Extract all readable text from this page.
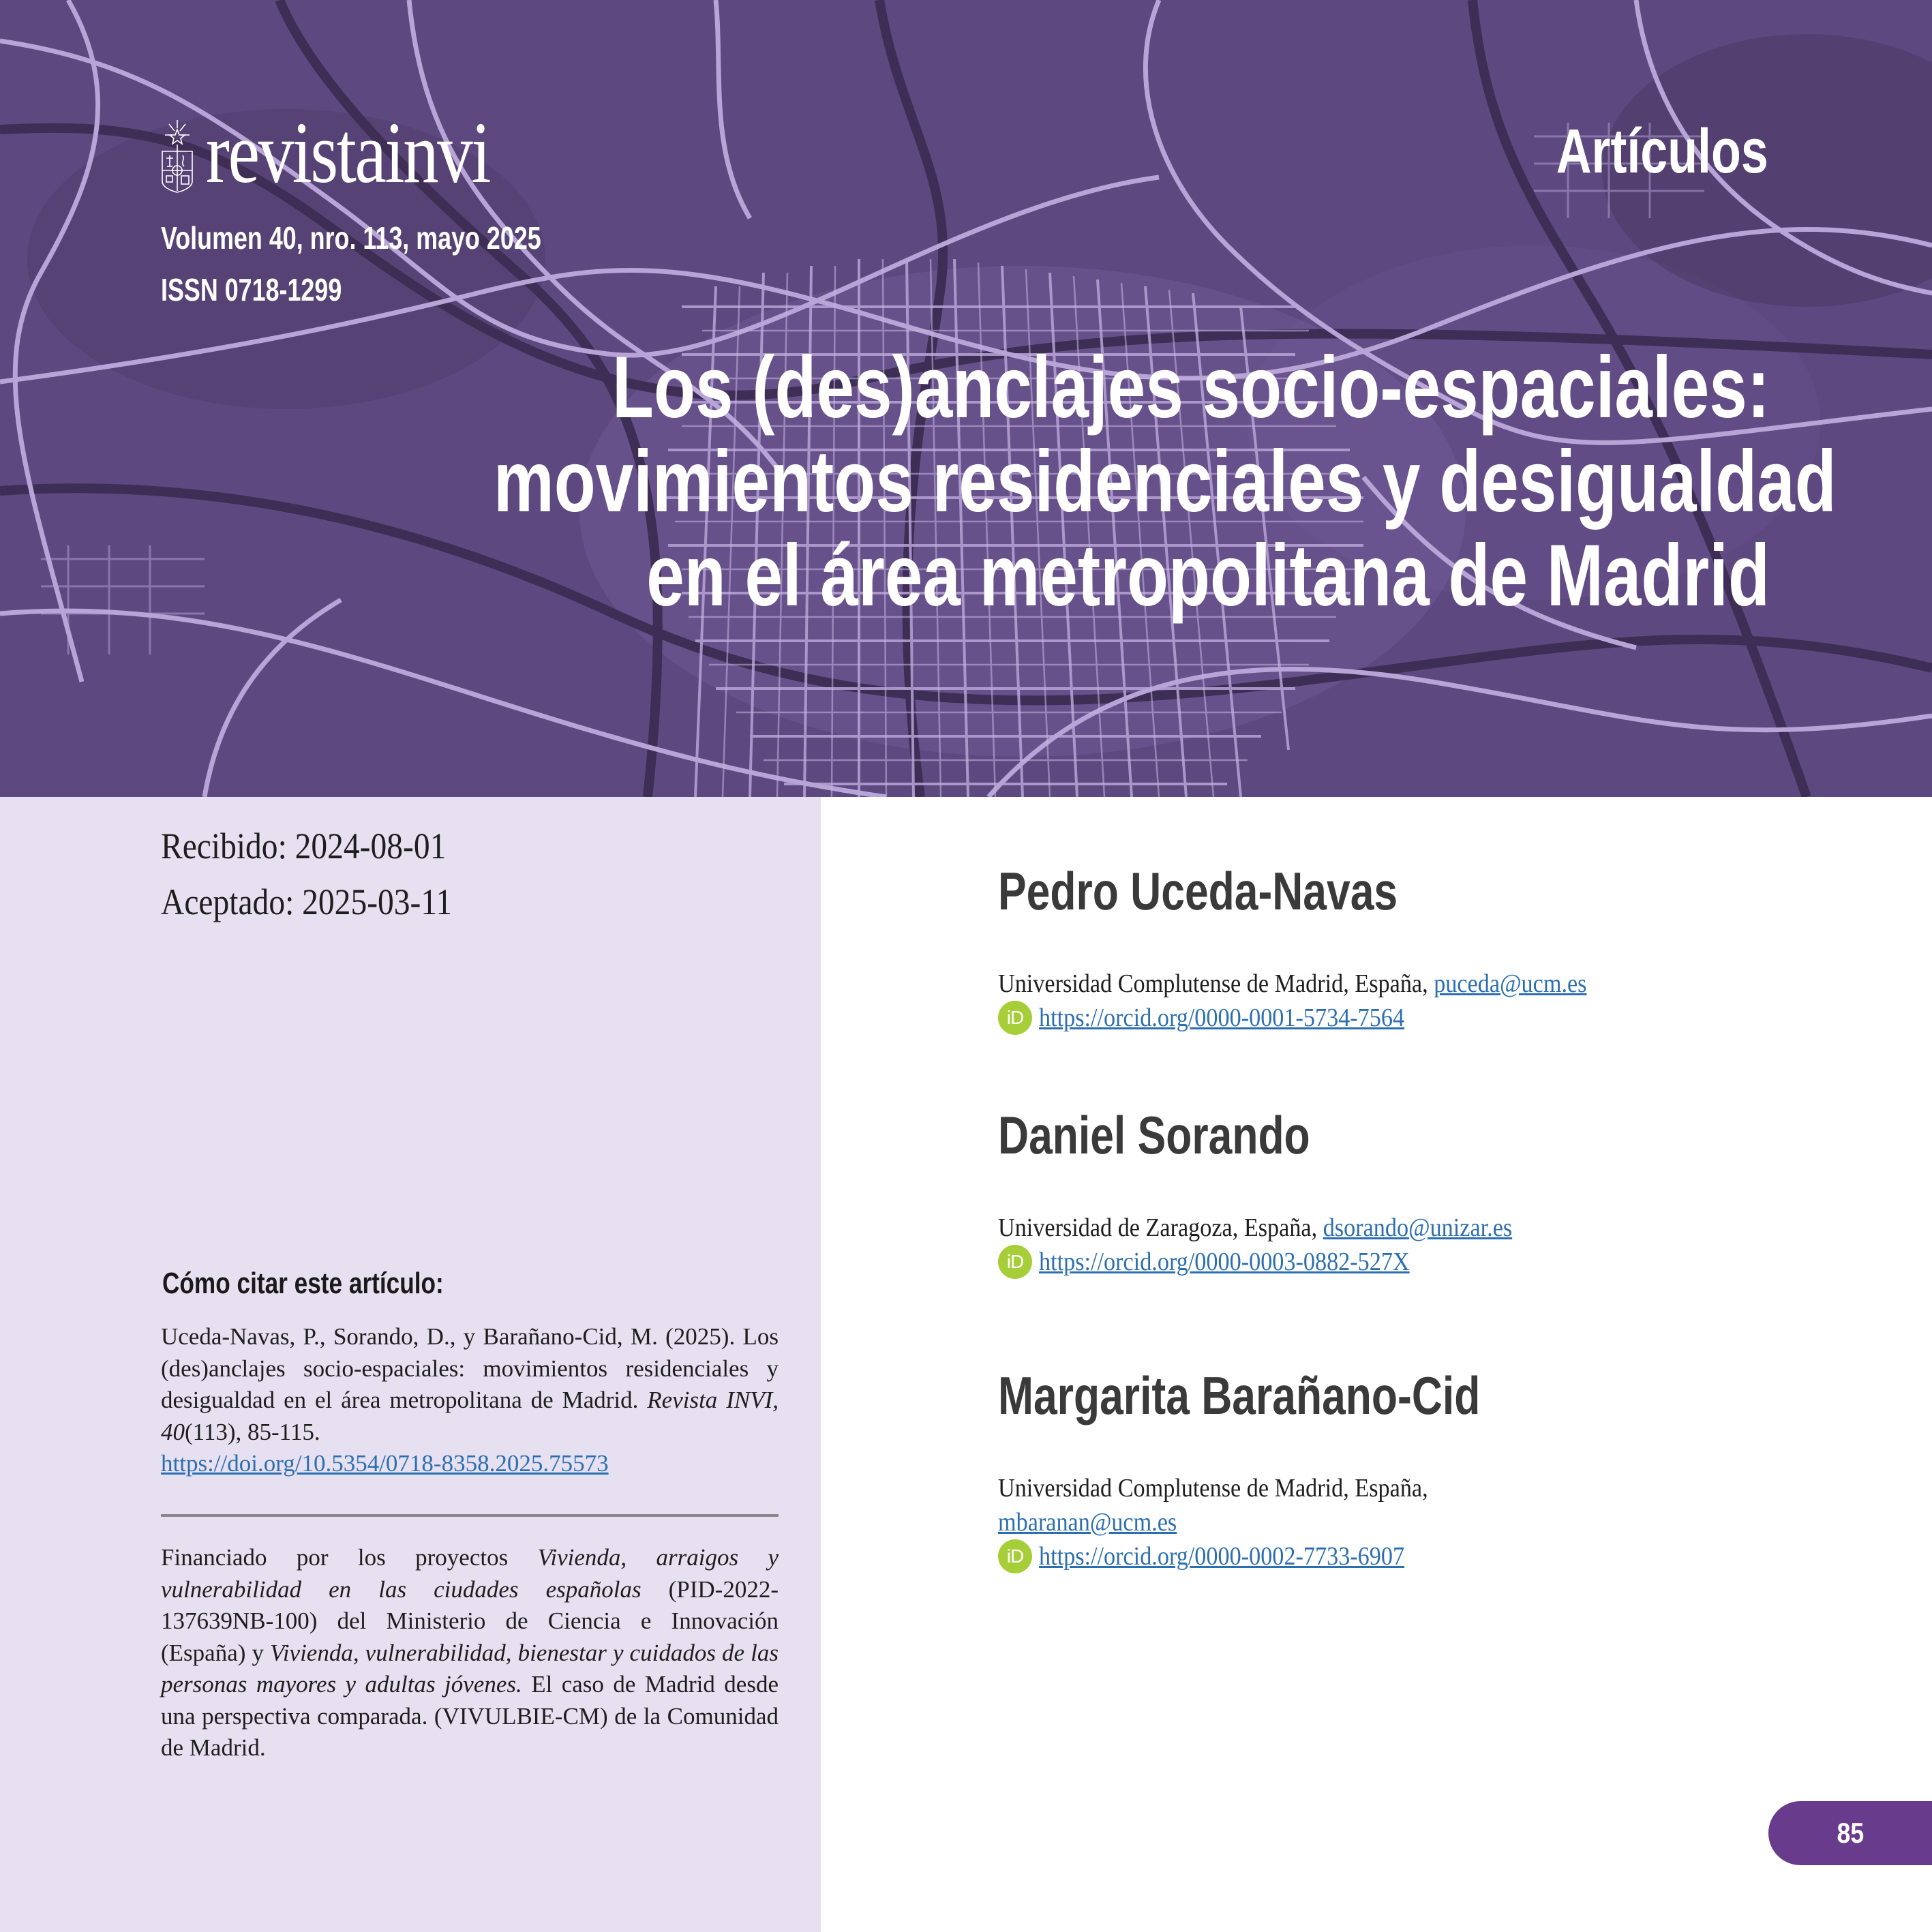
revistainvi
Volumen 40, nro. 113, mayo 2025
ISSN 0718-1299
Artículos
Los (des)anclajes socio-espaciales:
movimientos residenciales y desigualdad
en el área metropolitana de Madrid
Recibido: 2024-08-01
Aceptado: 2025-03-11
Cómo citar este artículo:
Uceda-Navas, P., Sorando, D., y Barañano-Cid, M. (2025). Los (des)anclajes socio-espaciales: movimientos residenciales y desigualdad en el área metropolitana de Madrid. Revista INVI, 40(113), 85-115.
https://doi.org/10.5354/0718-8358.2025.75573
Financiado por los proyectos Vivienda, arraigos y vulnerabilidad en las ciudades españolas (PID-2022-137639NB-100) del Ministerio de Ciencia e Innovación (España) y Vivienda, vulnerabilidad, bienestar y cuidados de las personas mayores y adultas jóvenes. El caso de Madrid desde una perspectiva comparada. (VIVULBIE-CM) de la Comunidad de Madrid.
Pedro Uceda-Navas
Universidad Complutense de Madrid, España, puceda@ucm.es
iD https://orcid.org/0000-0001-5734-7564
Daniel Sorando
Universidad de Zaragoza, España, dsorando@unizar.es
iD https://orcid.org/0000-0003-0882-527X
Margarita Barañano-Cid
Universidad Complutense de Madrid, España,
mbaranan@ucm.es
iD https://orcid.org/0000-0002-7733-6907
85
